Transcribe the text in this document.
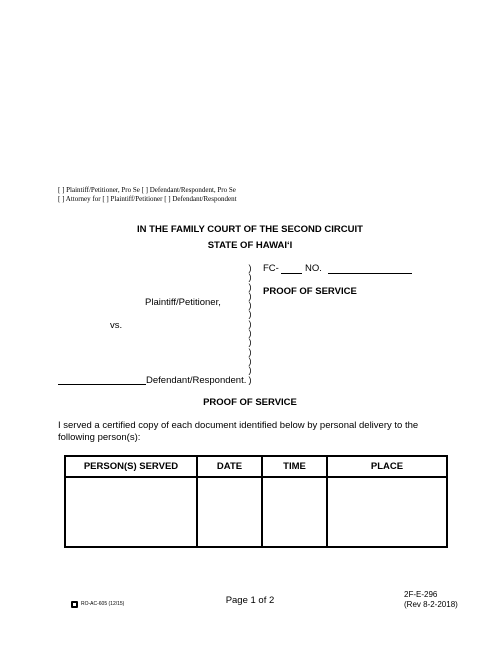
[ ] Plaintiff/Petitioner, Pro Se [ ] Defendant/Respondent, Pro Se
[ ] Attorney for [ ] Plaintiff/Petitioner [ ] Defendant/Respondent
IN THE FAMILY COURT OF THE SECOND CIRCUIT
STATE OF HAWAI‘I
)
)
)
)
)
)
)
)
)
)
)
)
)
FC-	NO.
PROOF OF SERVICE
Plaintiff/Petitioner,
vs.
Defendant/Respondent.
PROOF OF SERVICE
I served a certified copy of each document identified below by personal delivery to the
following person(s):
PERSON(S) SERVED	DATE	TIME	PLACE

RO-AC-605 (12/15)	Page 1 of 2
2F-E-296
(Rev 8-2-2018)
